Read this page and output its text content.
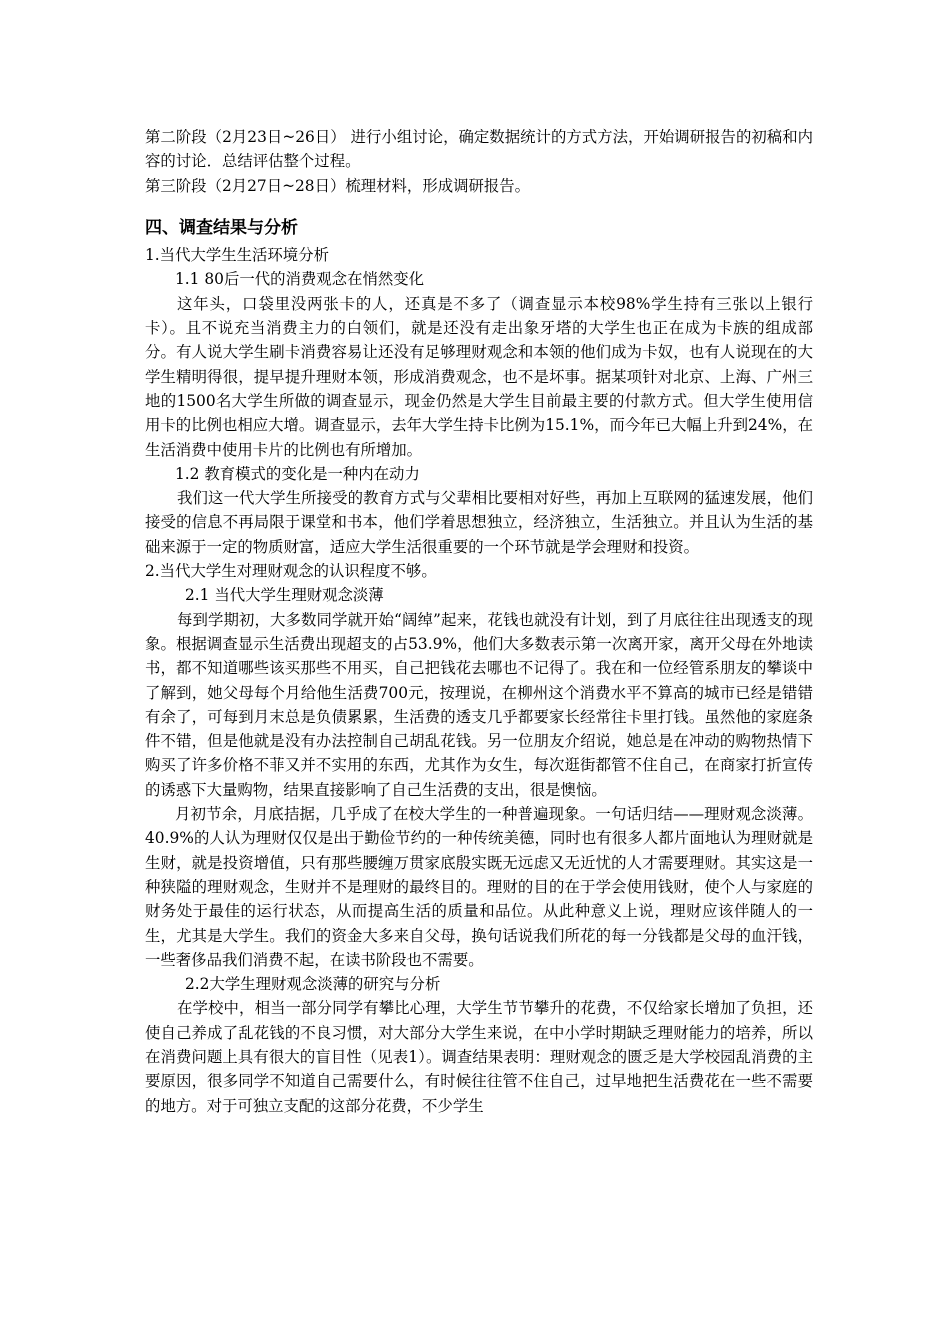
第二阶段（2月23日~26日） 进行小组讨论，确定数据统计的方式方法，开始调研报告的初稿和内容的讨论．总结评估整个过程。

第三阶段（2月27日~28日）梳理材料，形成调研报告。

四、调查结果与分析

1.当代大学生生活环境分析

1.1 80后一代的消费观念在悄然变化

这年头，口袋里没两张卡的人，还真是不多了（调查显示本校98%学生持有三张以上银行卡）。且不说充当消费主力的白领们，就是还没有走出象牙塔的大学生也正在成为卡族的组成部分。有人说大学生刷卡消费容易让还没有足够理财观念和本领的他们成为卡奴，也有人说现在的大学生精明得很，提早提升理财本领，形成消费观念，也不是坏事。据某项针对北京、上海、广州三地的1500名大学生所做的调查显示，现金仍然是大学生目前最主要的付款方式。但大学生使用信用卡的比例也相应大增。调查显示，去年大学生持卡比例为15.1%，而今年已大幅上升到24%，在生活消费中使用卡片的比例也有所增加。

1.2 教育模式的变化是一种内在动力

我们这一代大学生所接受的教育方式与父辈相比要相对好些，再加上互联网的猛速发展，他们接受的信息不再局限于课堂和书本，他们学着思想独立，经济独立，生活独立。并且认为生活的基础来源于一定的物质财富，适应大学生活很重要的一个环节就是学会理财和投资。

2.当代大学生对理财观念的认识程度不够。

2.1 当代大学生理财观念淡薄

每到学期初，大多数同学就开始“阔绰”起来，花钱也就没有计划，到了月底往往出现透支的现象。根据调查显示生活费出现超支的占53.9%，他们大多数表示第一次离开家，离开父母在外地读书，都不知道哪些该买那些不用买，自己把钱花去哪也不记得了。我在和一位经管系朋友的攀谈中了解到，她父母每个月给他生活费700元，按理说，在柳州这个消费水平不算高的城市已经是错错有余了，可每到月末总是负债累累，生活费的透支几乎都要家长经常往卡里打钱。虽然他的家庭条件不错，但是他就是没有办法控制自己胡乱花钱。另一位朋友介绍说，她总是在冲动的购物热情下购买了许多价格不菲又并不实用的东西，尤其作为女生，每次逛街都管不住自己，在商家打折宣传的诱惑下大量购物，结果直接影响了自己生活费的支出，很是懊恼。

月初节余，月底拮据，几乎成了在校大学生的一种普遍现象。一句话归结——理财观念淡薄。40.9%的人认为理财仅仅是出于勤俭节约的一种传统美德，同时也有很多人都片面地认为理财就是生财，就是投资增值，只有那些腰缠万贯家底殷实既无远虑又无近忧的人才需要理财。其实这是一种狭隘的理财观念，生财并不是理财的最终目的。理财的目的在于学会使用钱财，使个人与家庭的财务处于最佳的运行状态，从而提高生活的质量和品位。从此种意义上说，理财应该伴随人的一生，尤其是大学生。我们的资金大多来自父母，换句话说我们所花的每一分钱都是父母的血汗钱，一些奢侈品我们消费不起，在读书阶段也不需要。

2.2大学生理财观念淡薄的研究与分析

在学校中，相当一部分同学有攀比心理，大学生节节攀升的花费，不仅给家长增加了负担，还使自己养成了乱花钱的不良习惯，对大部分大学生来说，在中小学时期缺乏理财能力的培养，所以在消费问题上具有很大的盲目性（见表1）。调查结果表明：理财观念的匮乏是大学校园乱消费的主要原因，很多同学不知道自己需要什么，有时候往往管不住自己，过早地把生活费花在一些不需要的地方。对于可独立支配的这部分花费，不少学生
